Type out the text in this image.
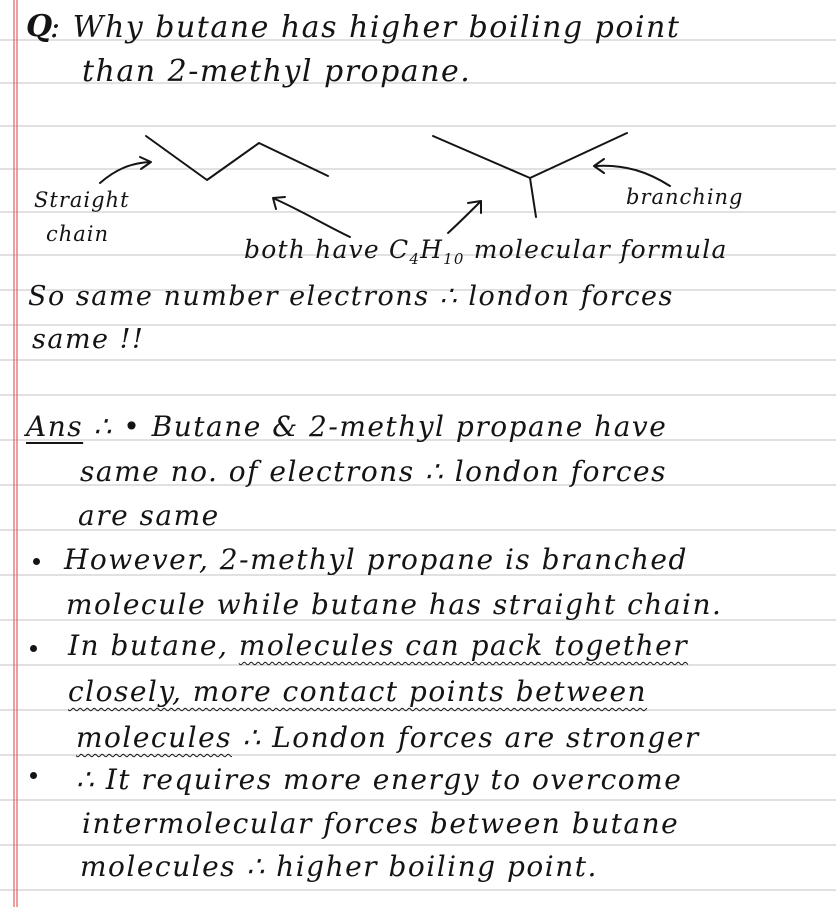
Q
: Why butane has higher boiling point
than 2-methyl propane.
Straight
chain
branching
both have $C_4H_{10}$ molecular formula
So same number electrons ∴ london forces
same !!
Ans ∴ • Butane & 2-methyl propane have
same no. of electrons ∴ london forces
are same
However, 2-methyl propane is branched
molecule while butane has straight chain.
In butane, molecules can pack together
closely, more contact points between
molecules ∴ London forces are stronger
∴ It requires more energy to overcome
intermolecular forces between butane
molecules ∴ higher boiling point.
